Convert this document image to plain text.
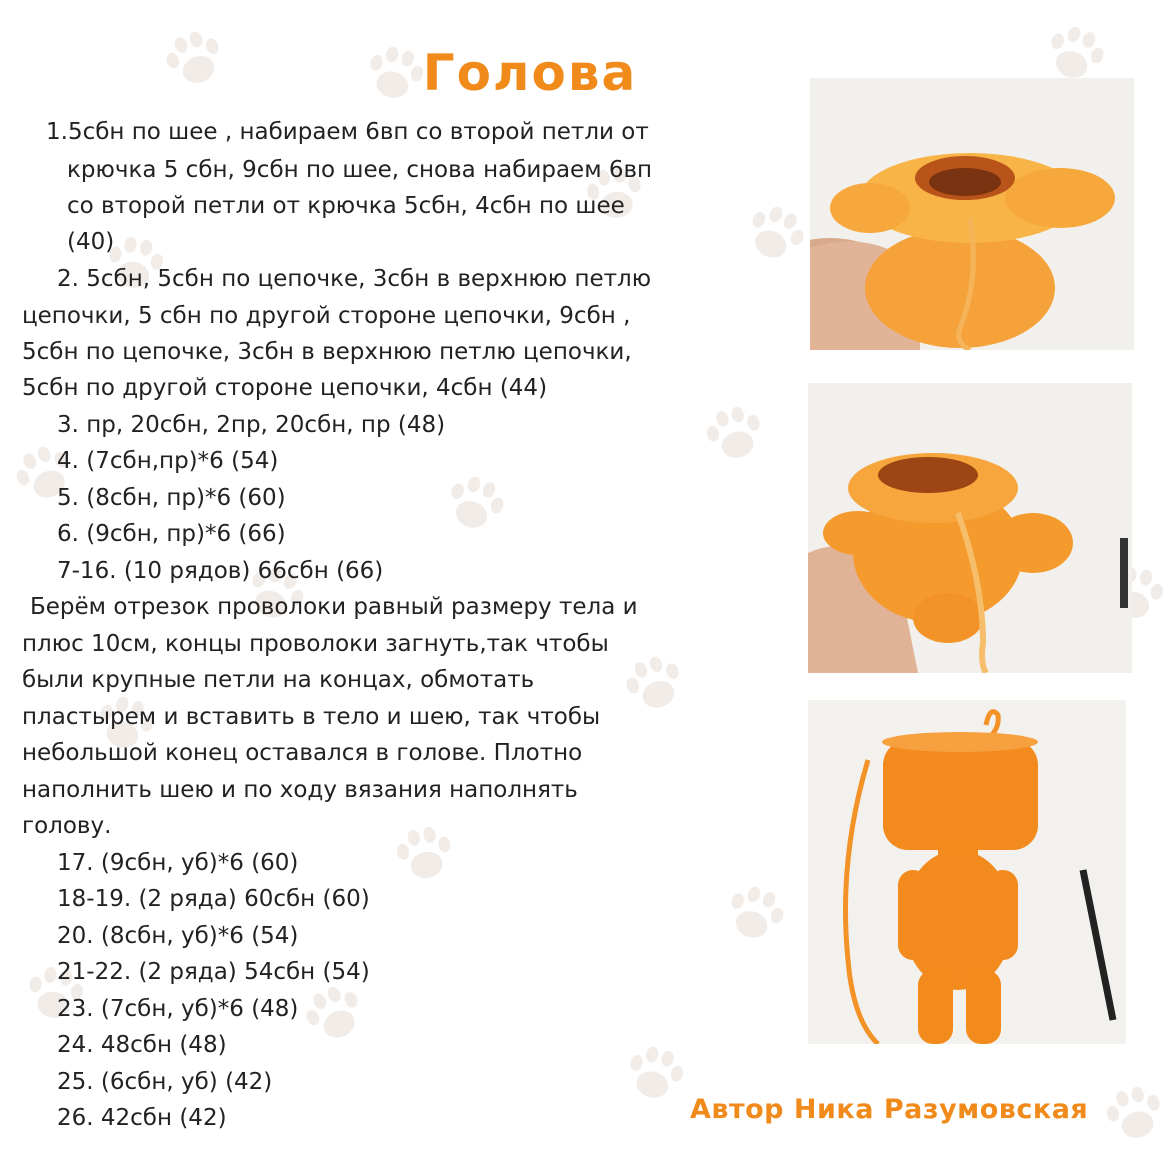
Голова
1.5сбн по шее , набираем 6вп со второй петли от
крючка 5 сбн, 9сбн по шее, снова набираем 6вп
со второй петли от крючка 5сбн, 4сбн по шее
(40)
2. 5сбн, 5сбн по цепочке, 3сбн в верхнюю петлю
цепочки, 5 сбн по другой стороне цепочки, 9сбн ,
5сбн по цепочке, 3сбн в верхнюю петлю цепочки,
5сбн по другой стороне цепочки, 4сбн (44)
3. пр, 20сбн, 2пр, 20сбн, пр (48)
4. (7сбн,пр)*6 (54)
5. (8сбн, пр)*6 (60)
6. (9сбн, пр)*6 (66)
7-16. (10 рядов) 66сбн (66)
Берём отрезок проволоки равный размеру тела и
плюс 10см, концы проволоки загнуть,так чтобы
были крупные петли на концах, обмотать
пластырем и вставить в тело и шею, так чтобы
небольшой конец оставался в голове. Плотно
наполнить шею и по ходу вязания наполнять
голову.
17. (9сбн, уб)*6 (60)
18-19. (2 ряда) 60сбн (60)
20. (8сбн, уб)*6 (54)
21-22. (2 ряда) 54сбн (54)
23. (7сбн, уб)*6 (48)
24. 48сбн (48)
25. (6сбн, уб) (42)
26. 42сбн (42)	Автор Ника Разумовская
